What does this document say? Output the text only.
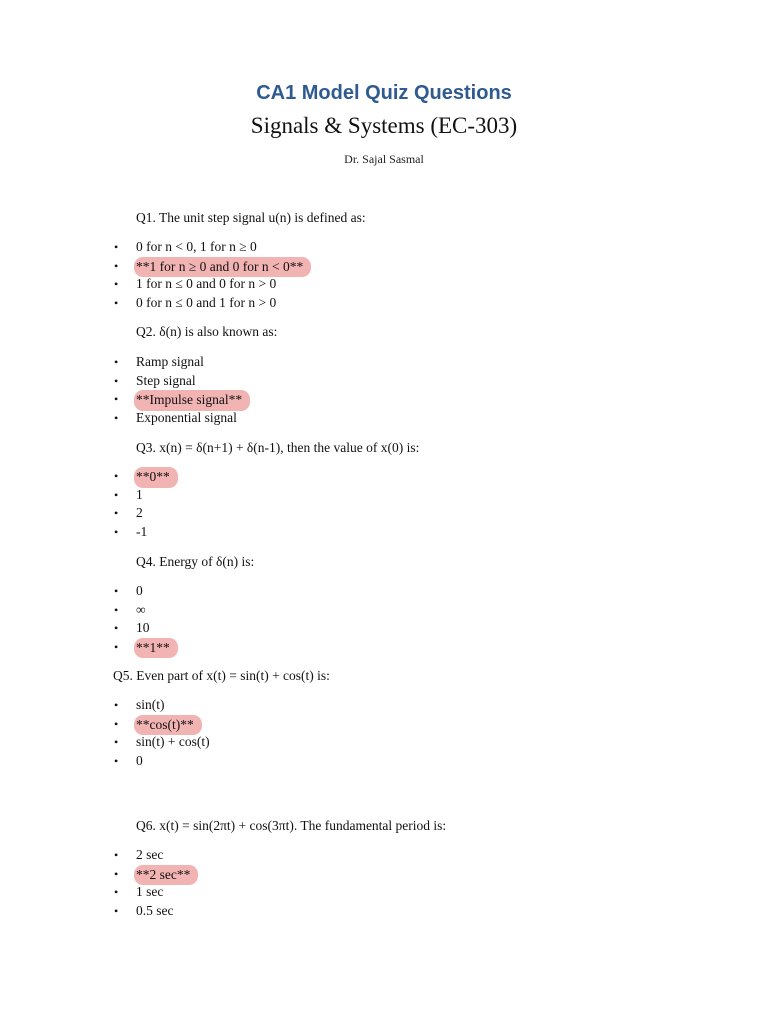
CA1 Model Quiz Questions
Signals & Systems (EC-303)
Dr. Sajal Sasmal
Q1. The unit step signal u(n) is defined as:
• 0 for n < 0, 1 for n ≥ 0
• **1 for n ≥ 0 and 0 for n < 0**
• 1 for n ≤ 0 and 0 for n > 0
• 0 for n ≤ 0 and 1 for n > 0
Q2. δ(n) is also known as:
• Ramp signal
• Step signal
• **Impulse signal**
• Exponential signal
Q3. x(n) = δ(n+1) + δ(n-1), then the value of x(0) is:
• **0**
• 1
• 2
• -1
Q4. Energy of δ(n) is:
• 0
• ∞
• 10
• **1**
Q5. Even part of x(t) = sin(t) + cos(t) is:
• sin(t)
• **cos(t)**
• sin(t) + cos(t)
• 0
Q6. x(t) = sin(2πt) + cos(3πt). The fundamental period is:
• 2 sec
• **2 sec**
• 1 sec
• 0.5 sec
